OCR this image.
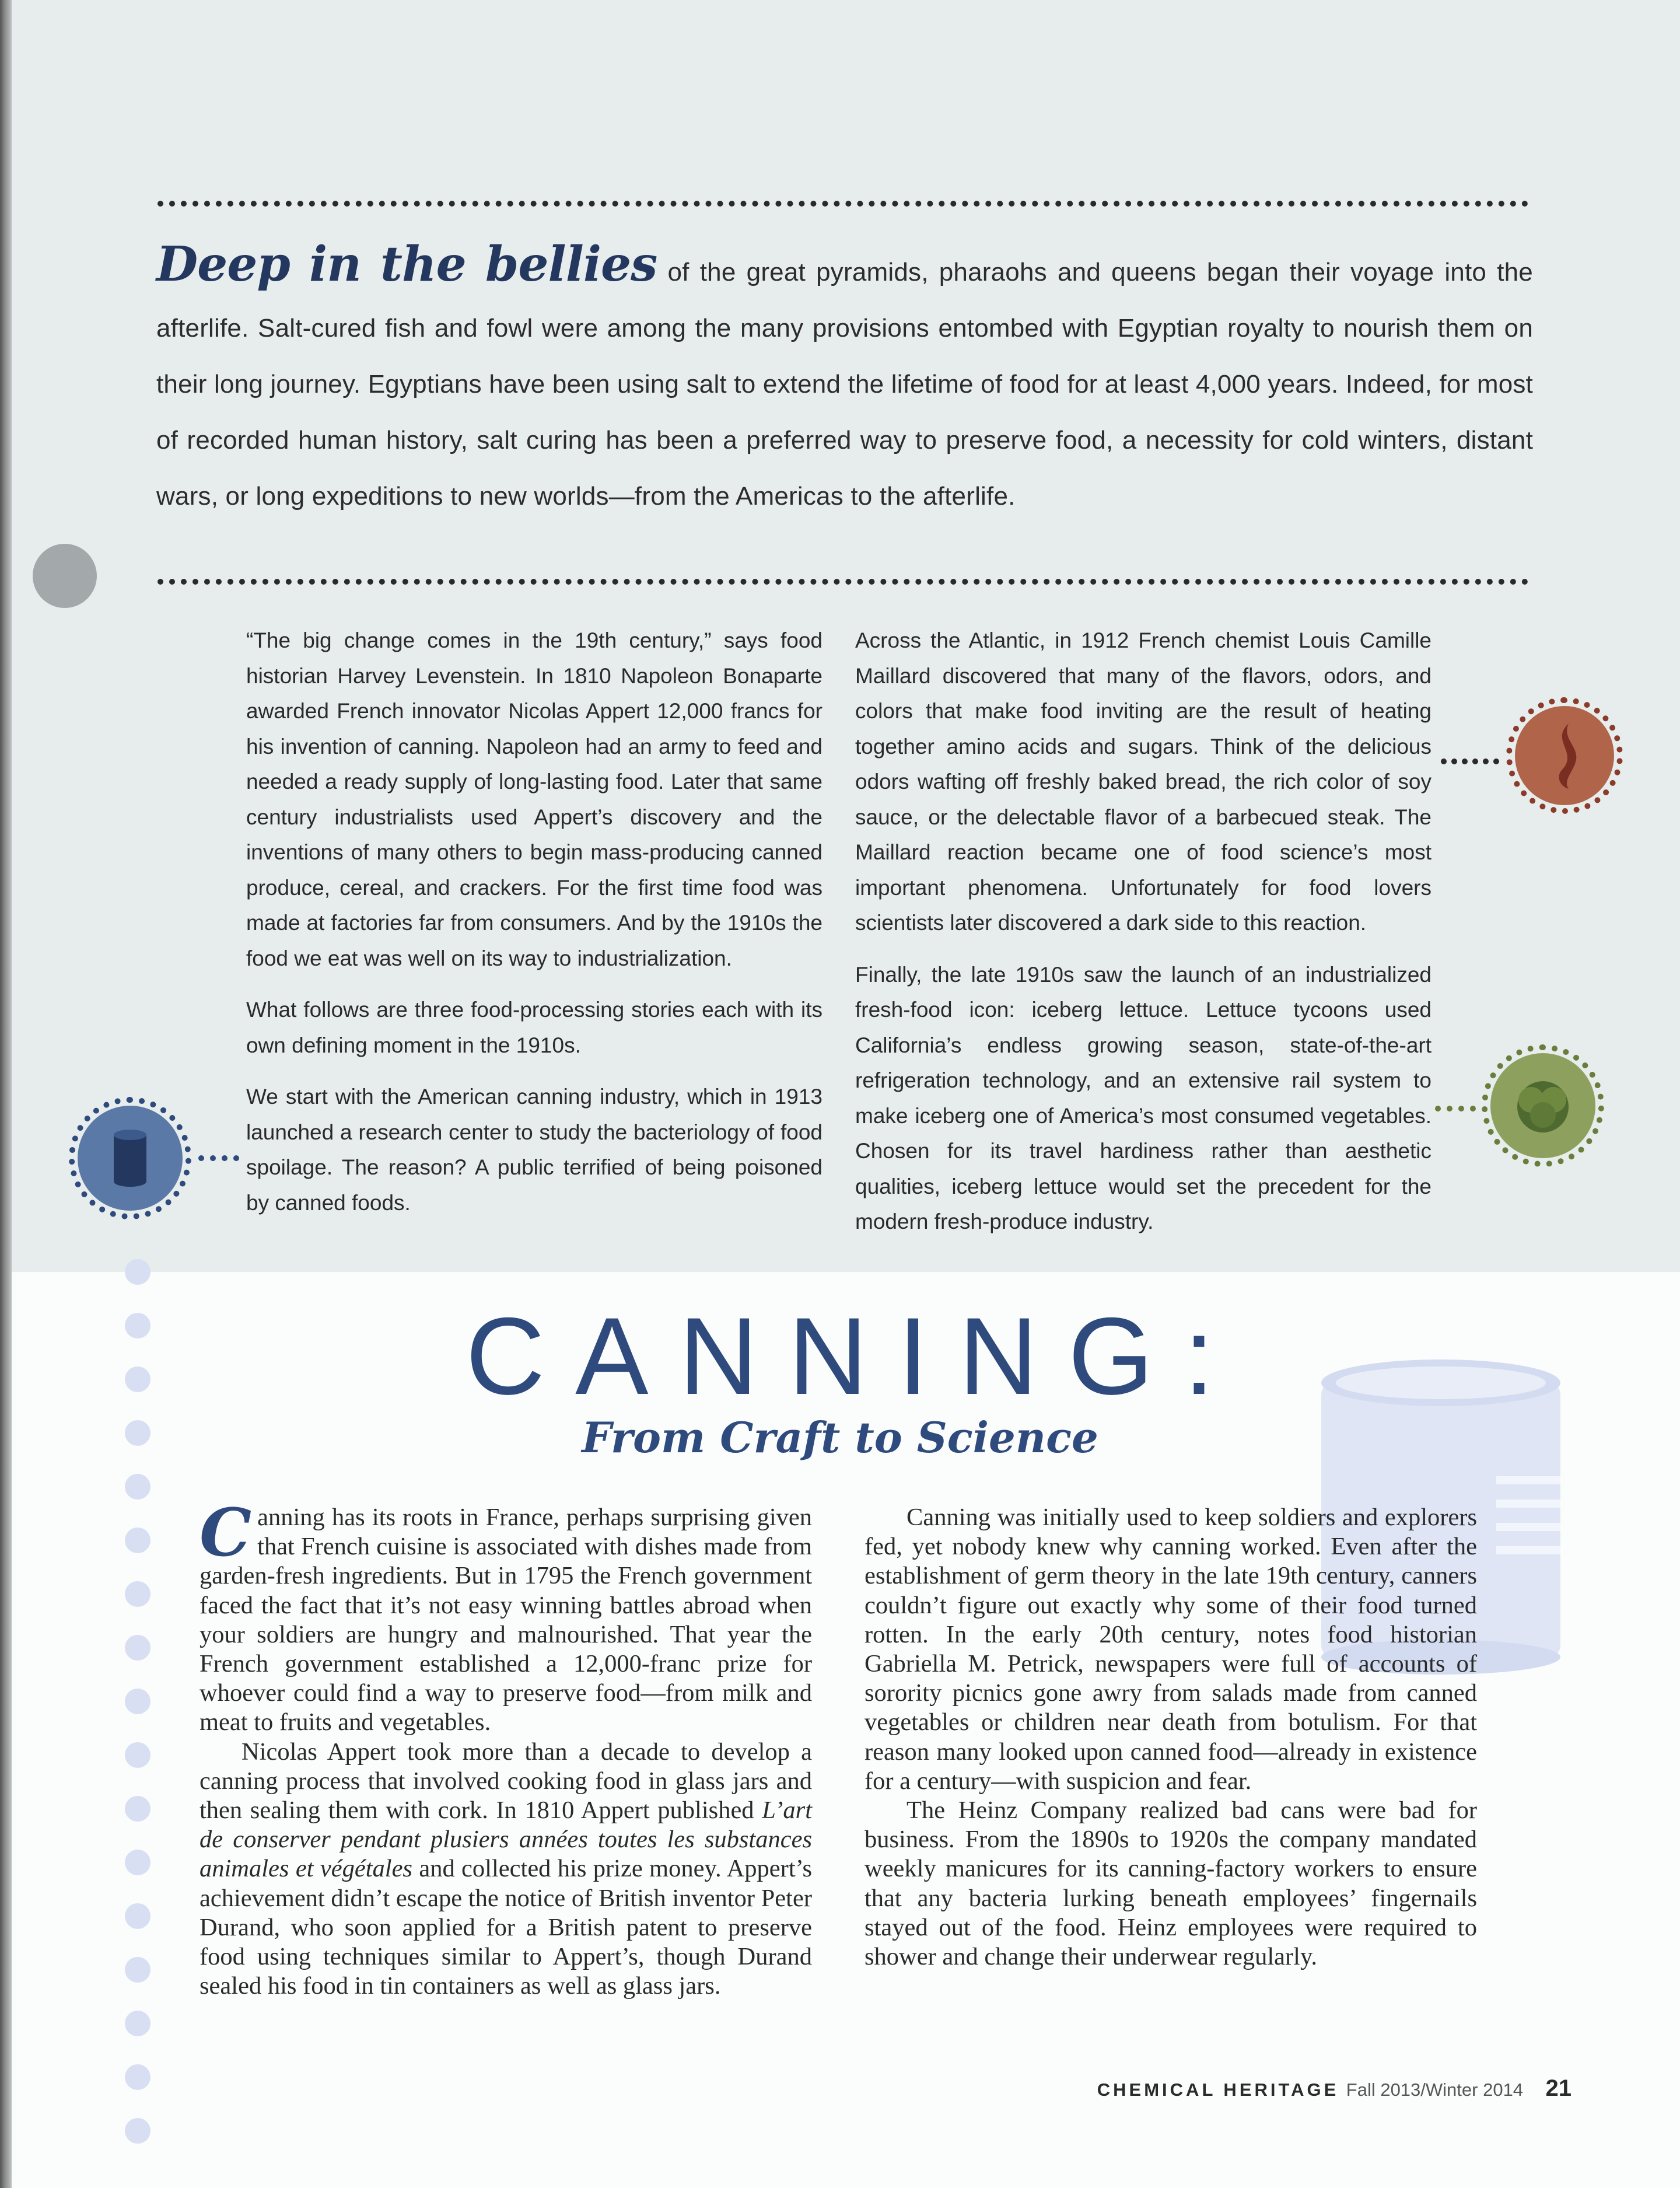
Deep in the bellies of the great pyramids, pharaohs and queens began their voyage into the afterlife. Salt-cured fish and fowl were among the many provisions entombed with Egyptian royalty to nourish them on their long journey. Egyptians have been using salt to extend the lifetime of food for at least 4,000 years. Indeed, for most of recorded human history, salt curing has been a preferred way to preserve food, a necessity for cold winters, distant wars, or long expeditions to new worlds—from the Americas to the afterlife.

“The big change comes in the 19th century,” says food historian Harvey Levenstein. In 1810 Napoleon Bonaparte awarded French innovator Nicolas Appert 12,000 francs for his invention of canning. Napoleon had an army to feed and needed a ready supply of long-lasting food. Later that same century industrialists used Appert’s discovery and the inventions of many others to begin mass-producing canned produce, cereal, and crackers. For the first time food was made at factories far from consumers. And by the 1910s the food we eat was well on its way to industrialization.

What follows are three food-processing stories each with its own defining moment in the 1910s.

We start with the American canning industry, which in 1913 launched a research center to study the bacteriology of food spoilage. The reason? A public terrified of being poisoned by canned foods.

Across the Atlantic, in 1912 French chemist Louis Camille Maillard discovered that many of the flavors, odors, and colors that make food inviting are the result of heating together amino acids and sugars. Think of the delicious odors wafting off freshly baked bread, the rich color of soy sauce, or the delectable flavor of a barbecued steak. The Maillard reaction became one of food science’s most important phenomena. Unfortunately for food lovers scientists later discovered a dark side to this reaction.

Finally, the late 1910s saw the launch of an industrialized fresh-food icon: iceberg lettuce. Lettuce tycoons used California’s endless growing season, state-of-the-art refrigeration technology, and an extensive rail system to make iceberg one of America’s most consumed vegetables. Chosen for its travel hardiness rather than aesthetic qualities, iceberg lettuce would set the precedent for the modern fresh-produce industry.

CANNING:
From Craft to Science

Canning has its roots in France, perhaps surprising given that French cuisine is associated with dishes made from garden-fresh ingredients. But in 1795 the French government faced the fact that it’s not easy winning battles abroad when your soldiers are hungry and malnourished. That year the French government established a 12,000-franc prize for whoever could find a way to preserve food—from milk and meat to fruits and vegetables.

Nicolas Appert took more than a decade to develop a canning process that involved cooking food in glass jars and then sealing them with cork. In 1810 Appert published L’art de conserver pendant plusiers années toutes les substances animales et végétales and collected his prize money. Appert’s achievement didn’t escape the notice of British inventor Peter Durand, who soon applied for a British patent to preserve food using techniques similar to Appert’s, though Durand sealed his food in tin containers as well as glass jars.

Canning was initially used to keep soldiers and explorers fed, yet nobody knew why canning worked. Even after the establishment of germ theory in the late 19th century, canners couldn’t figure out exactly why some of their food turned rotten. In the early 20th century, notes food historian Gabriella M. Petrick, newspapers were full of accounts of sorority picnics gone awry from salads made from canned vegetables or children near death from botulism. For that reason many looked upon canned food—already in existence for a century—with suspicion and fear.

The Heinz Company realized bad cans were bad for business. From the 1890s to 1920s the company mandated weekly manicures for its canning-factory workers to ensure that any bacteria lurking beneath employees’ fingernails stayed out of the food. Heinz employees were required to shower and change their underwear regularly.

CHEMICAL HERITAGE Fall 2013/Winter 2014 21
